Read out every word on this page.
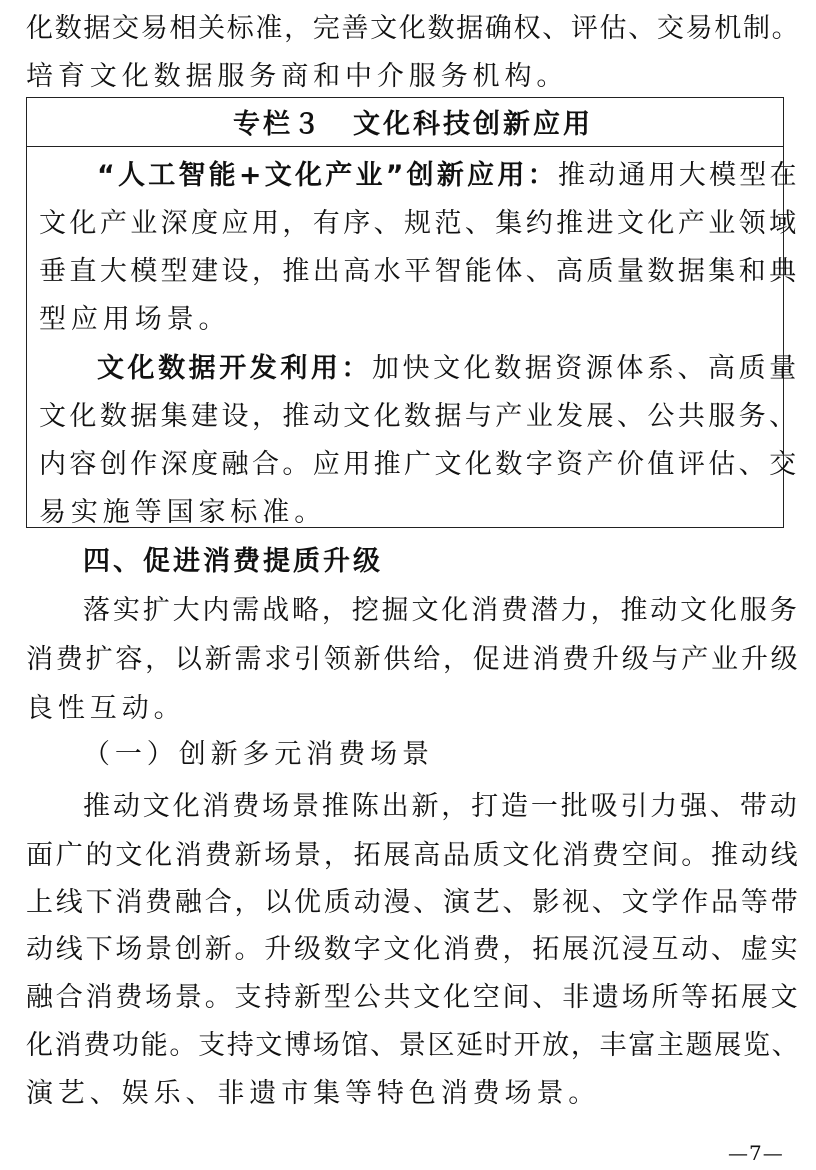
化数据交易相关标准，完善文化数据确权、评估、交易机制。
培育文化数据服务商和中介服务机构。
专栏３　文化科技创新应用
“人工智能+文化产业”创新应用：推动通用大模型在
文化产业深度应用，有序、规范、集约推进文化产业领域
垂直大模型建设，推出高水平智能体、高质量数据集和典
型应用场景。
文化数据开发利用：加快文化数据资源体系、高质量
文化数据集建设，推动文化数据与产业发展、公共服务、
内容创作深度融合。应用推广文化数字资产价值评估、交
易实施等国家标准。
四、促进消费提质升级
落实扩大内需战略，挖掘文化消费潜力，推动文化服务
消费扩容，以新需求引领新供给，促进消费升级与产业升级
良性互动。
（一）创新多元消费场景
推动文化消费场景推陈出新，打造一批吸引力强、带动
面广的文化消费新场景，拓展高品质文化消费空间。推动线
上线下消费融合，以优质动漫、演艺、影视、文学作品等带
动线下场景创新。升级数字文化消费，拓展沉浸互动、虚实
融合消费场景。支持新型公共文化空间、非遗场所等拓展文
化消费功能。支持文博场馆、景区延时开放，丰富主题展览、
演艺、娱乐、非遗市集等特色消费场景。
—7—
